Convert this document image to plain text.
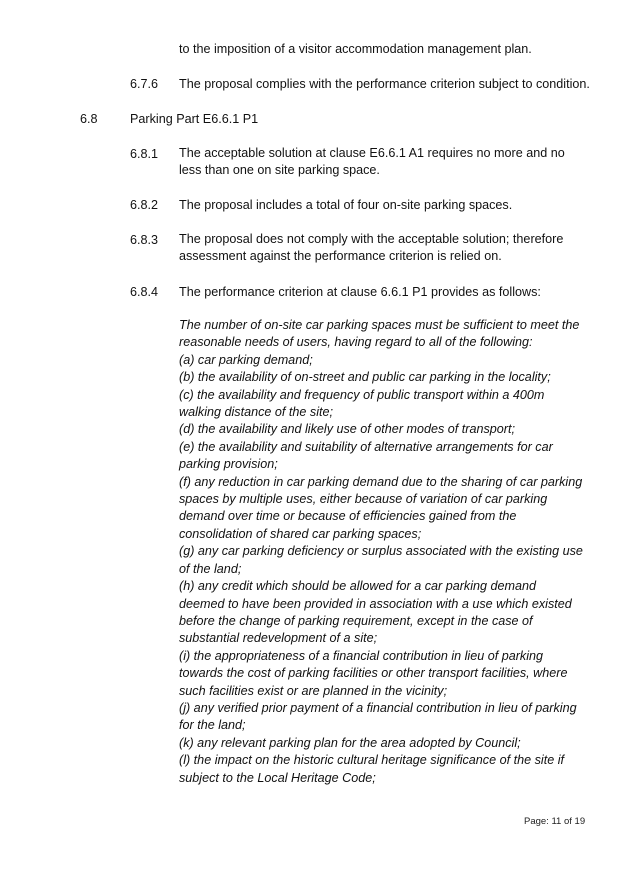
to the imposition of a visitor accommodation management plan.
6.7.6 The proposal complies with the performance criterion subject to condition.
6.8	Parking Part E6.6.1 P1
6.8.1 The acceptable solution at clause E6.6.1 A1 requires no more and no
less than one on site parking space.
6.8.2 The proposal includes a total of four on-site parking spaces.
6.8.3 The proposal does not comply with the acceptable solution; therefore
assessment against the performance criterion is relied on.
6.8.4 The performance criterion at clause 6.6.1 P1 provides as follows:
The number of on-site car parking spaces must be sufficient to meet the
reasonable needs of users, having regard to all of the following:
(a) car parking demand;
(b) the availability of on-street and public car parking in the locality;
(c) the availability and frequency of public transport within a 400m
walking distance of the site;
(d) the availability and likely use of other modes of transport;
(e) the availability and suitability of alternative arrangements for car
parking provision;
(f) any reduction in car parking demand due to the sharing of car parking
spaces by multiple uses, either because of variation of car parking
demand over time or because of efficiencies gained from the
consolidation of shared car parking spaces;
(g) any car parking deficiency or surplus associated with the existing use
of the land;
(h) any credit which should be allowed for a car parking demand
deemed to have been provided in association with a use which existed
before the change of parking requirement, except in the case of
substantial redevelopment of a site;
(i) the appropriateness of a financial contribution in lieu of parking
towards the cost of parking facilities or other transport facilities, where
such facilities exist or are planned in the vicinity;
(j) any verified prior payment of a financial contribution in lieu of parking
for the land;
(k) any relevant parking plan for the area adopted by Council;
(l) the impact on the historic cultural heritage significance of the site if
subject to the Local Heritage Code;
Page: 11 of 19
